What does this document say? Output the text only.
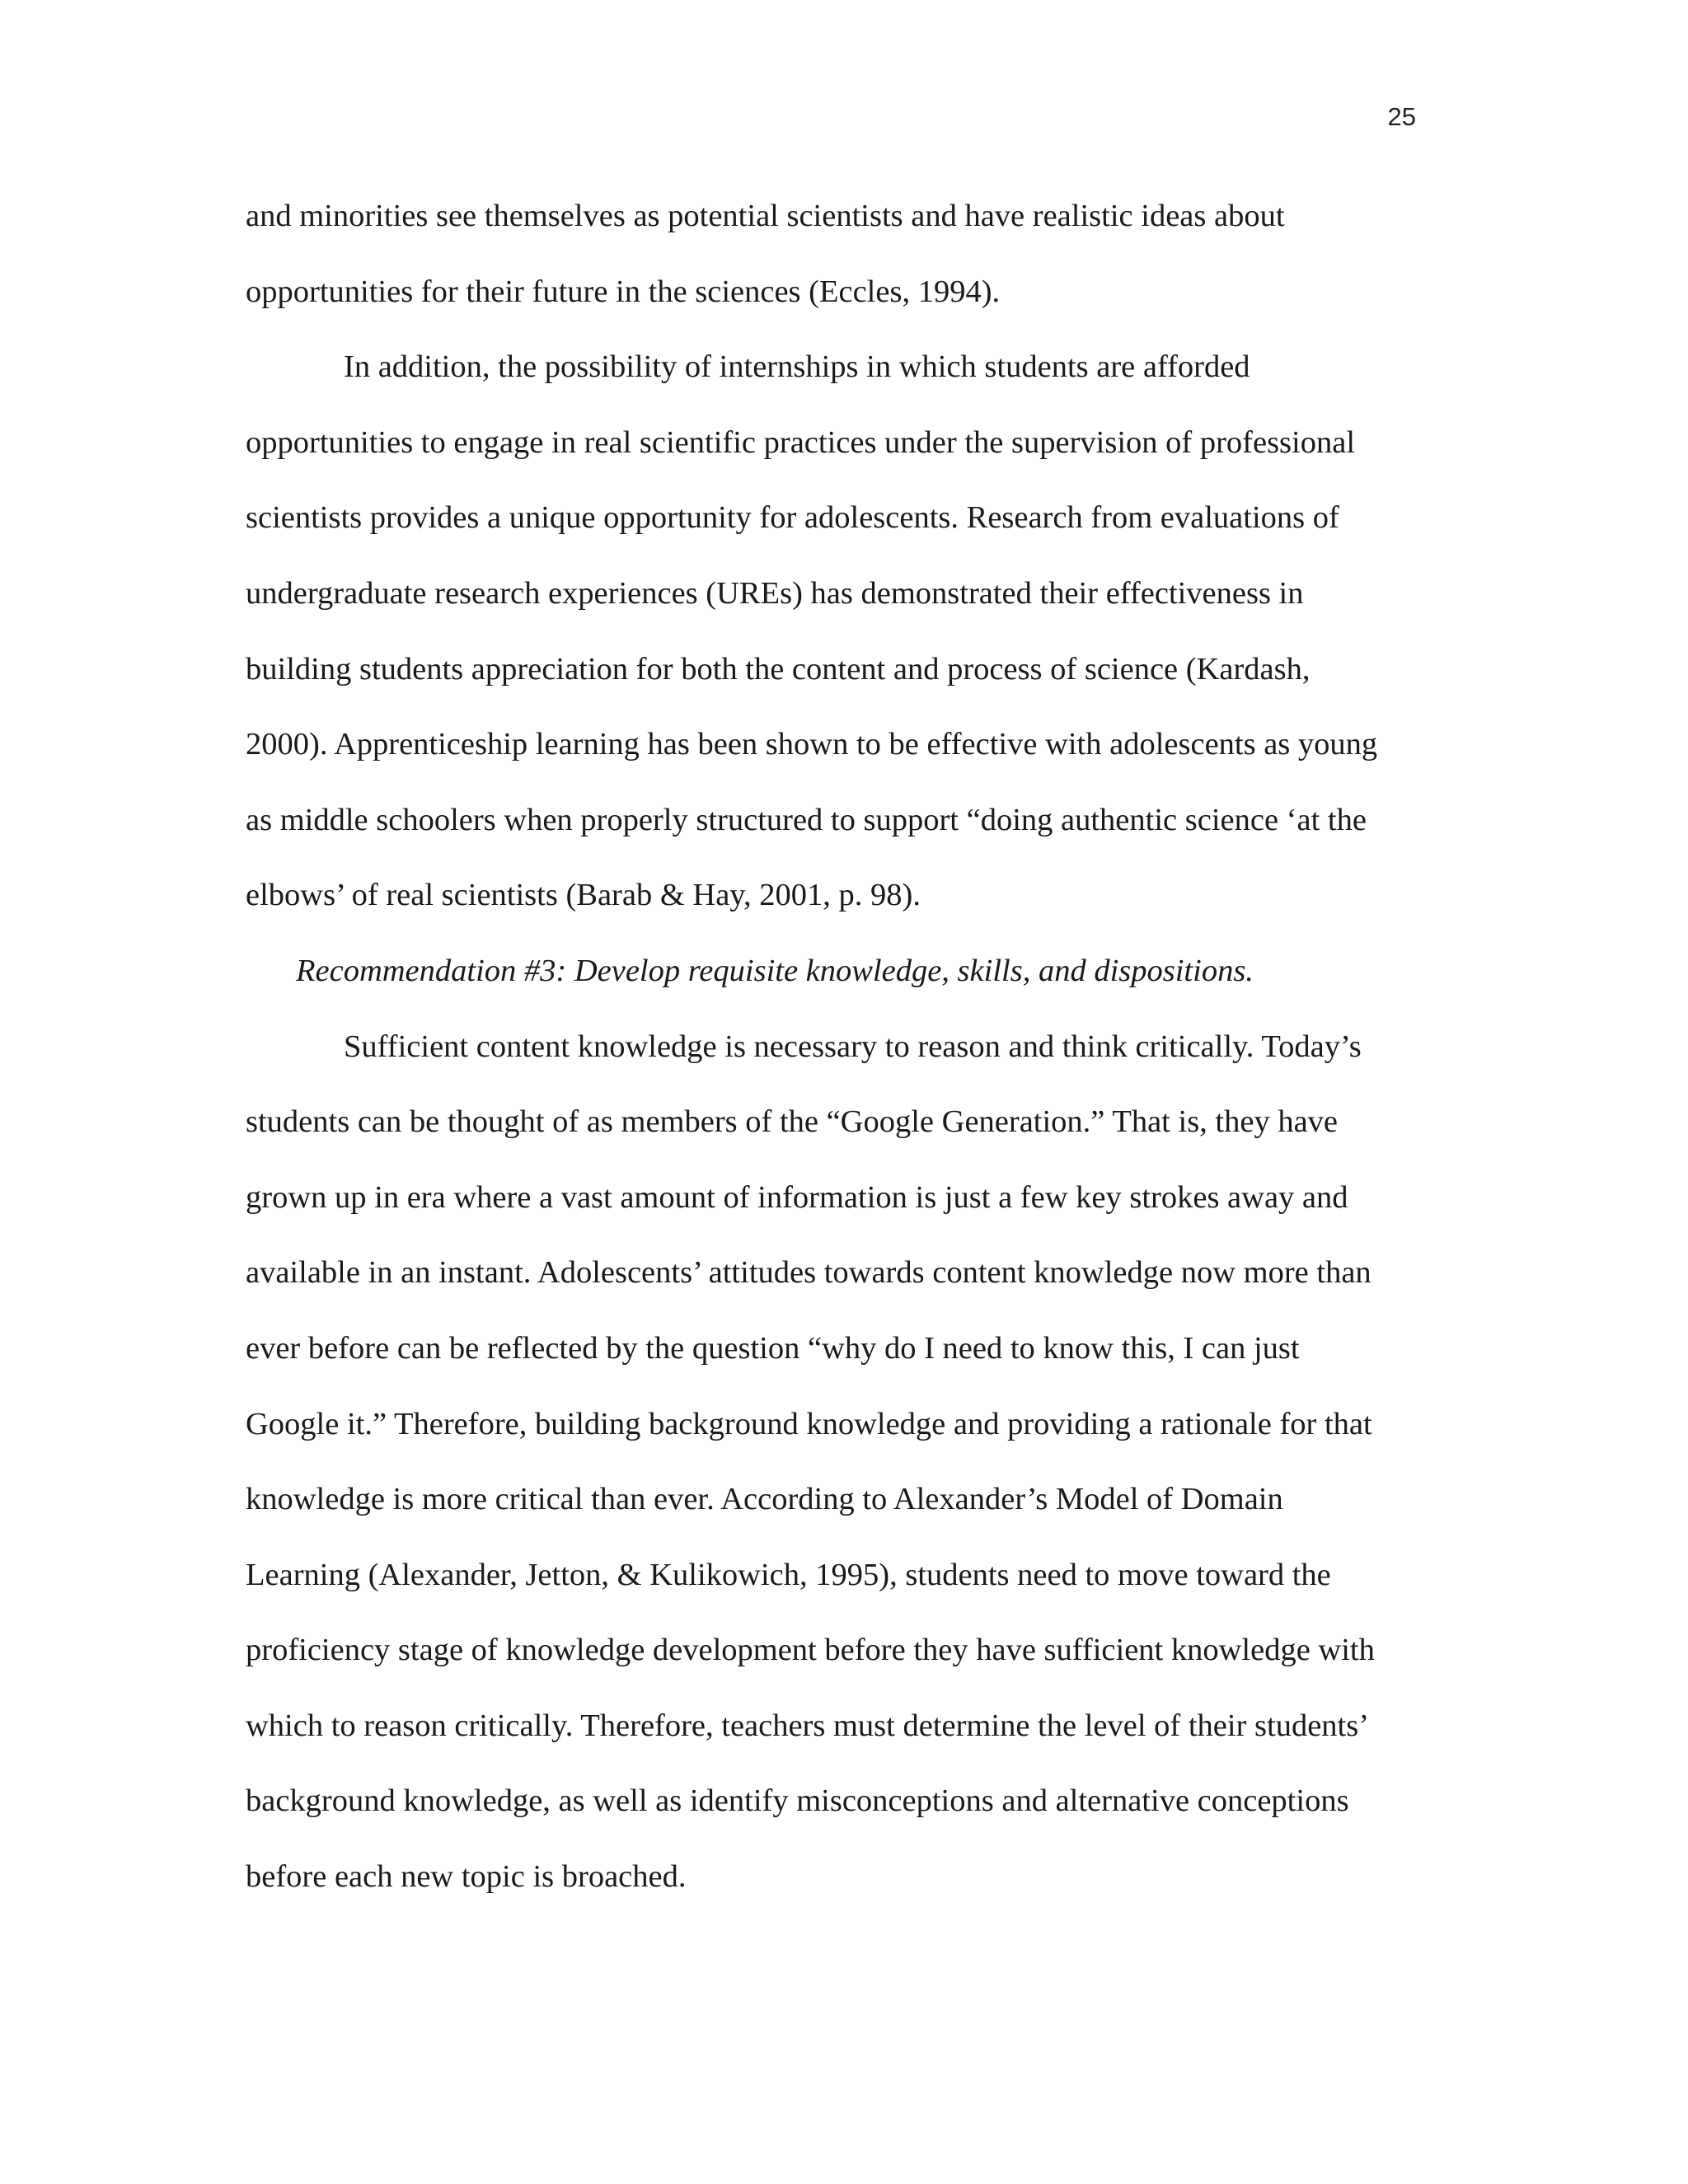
25
and minorities see themselves as potential scientists and have realistic ideas about
opportunities for their future in the sciences (Eccles, 1994).
In addition, the possibility of internships in which students are afforded
opportunities to engage in real scientific practices under the supervision of professional
scientists provides a unique opportunity for adolescents. Research from evaluations of
undergraduate research experiences (UREs) has demonstrated their effectiveness in
building students appreciation for both the content and process of science (Kardash,
2000). Apprenticeship learning has been shown to be effective with adolescents as young
as middle schoolers when properly structured to support “doing authentic science ‘at the
elbows’ of real scientists (Barab & Hay, 2001, p. 98).
Recommendation #3: Develop requisite knowledge, skills, and dispositions.
Sufficient content knowledge is necessary to reason and think critically. Today’s
students can be thought of as members of the “Google Generation.” That is, they have
grown up in era where a vast amount of information is just a few key strokes away and
available in an instant. Adolescents’ attitudes towards content knowledge now more than
ever before can be reflected by the question “why do I need to know this, I can just
Google it.” Therefore, building background knowledge and providing a rationale for that
knowledge is more critical than ever. According to Alexander’s Model of Domain
Learning (Alexander, Jetton, & Kulikowich, 1995), students need to move toward the
proficiency stage of knowledge development before they have sufficient knowledge with
which to reason critically. Therefore, teachers must determine the level of their students’
background knowledge, as well as identify misconceptions and alternative conceptions
before each new topic is broached.
